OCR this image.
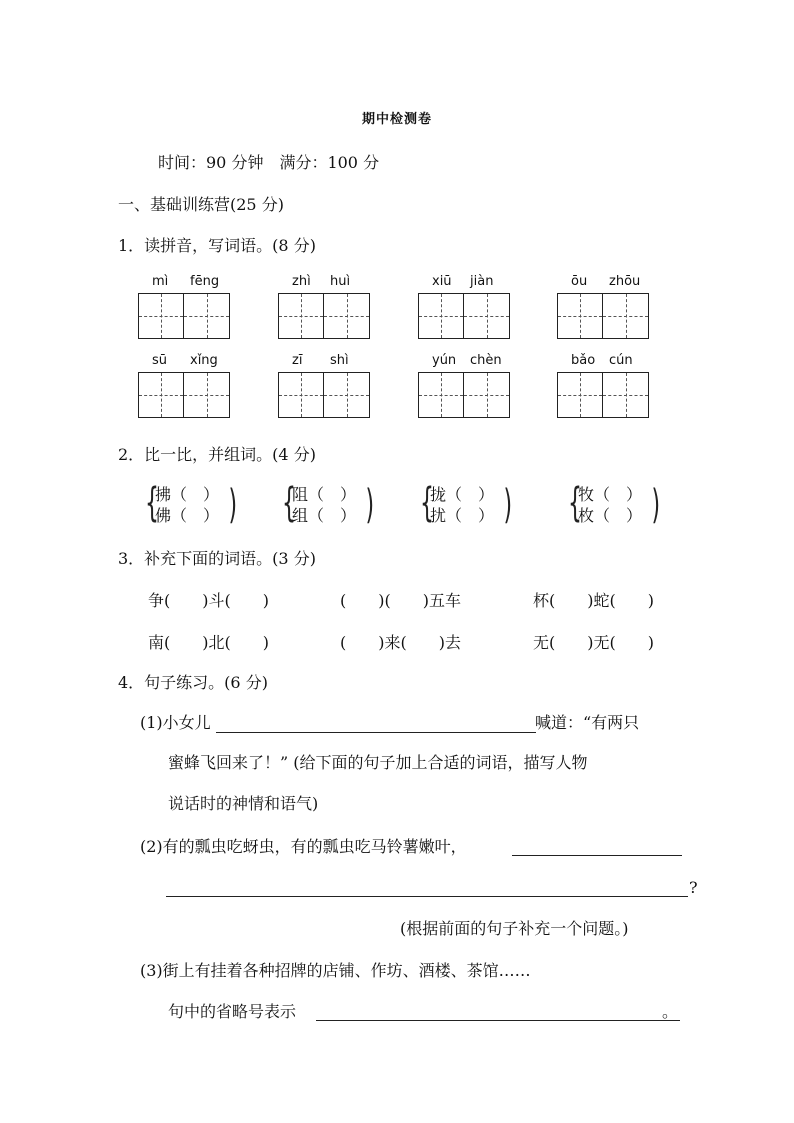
期中检测卷
时间：90 分钟　满分：100 分
一、基础训练营(25 分)
1．读拼音，写词语。(8 分)
mì fēng	zhì huì	xiū jiàn	ōu zhōu
sū xǐng	zī shì	yún chèn	bǎo cún
2．比一比，并组词。(4 分)
{
拂（　）
佛（　） ) {
阻（　）
组（　） ) {
拢（　）
扰（　） ) {
牧（　）
枚（　） )
3．补充下面的词语。(3 分)
争(　　)斗(　　)	(　　)(　　)五车	杯(　　)蛇(　　)
南(　　)北(　　)	(　　)来(　　)去	无(　　)无(　　)
4．句子练习。(6 分)
(1)小女儿	喊道：“有两只
蜜蜂飞回来了！” (给下面的句子加上合适的词语，描写人物
说话时的神情和语气)
(2)有的瓢虫吃蚜虫，有的瓢虫吃马铃薯嫩叶，
?
(根据前面的句子补充一个问题。)
(3)街上有挂着各种招牌的店铺、作坊、酒楼、茶馆……
句中的省略号表示	。
